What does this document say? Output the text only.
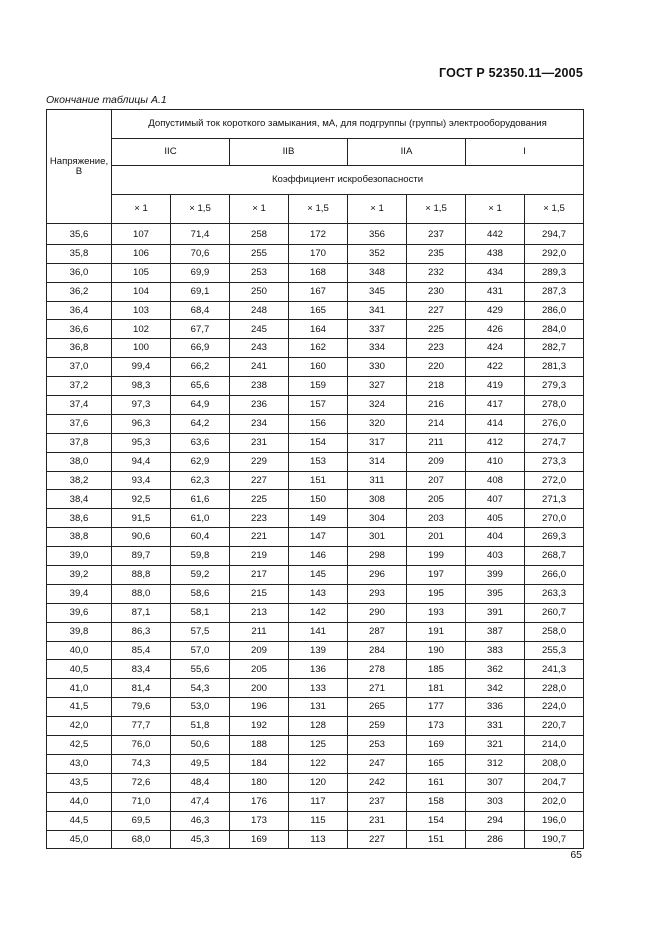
ГОСТ Р 52350.11—2005
Окончание таблицы А.1
Напряжение, В	Допустимый ток короткого замыкания, мА, для подгруппы (группы) электрооборудования							
	IIC		IIB		IIA		I	
	Коэффициент искробезопасности							
	× 1	× 1,5	× 1	× 1,5	× 1	× 1,5	× 1	× 1,5
35,6	107	71,4	258	172	356	237	442	294,7
35,8	106	70,6	255	170	352	235	438	292,0
36,0	105	69,9	253	168	348	232	434	289,3
36,2	104	69,1	250	167	345	230	431	287,3
36,4	103	68,4	248	165	341	227	429	286,0
36,6	102	67,7	245	164	337	225	426	284,0
36,8	100	66,9	243	162	334	223	424	282,7
37,0	99,4	66,2	241	160	330	220	422	281,3
37,2	98,3	65,6	238	159	327	218	419	279,3
37,4	97,3	64,9	236	157	324	216	417	278,0
37,6	96,3	64,2	234	156	320	214	414	276,0
37,8	95,3	63,6	231	154	317	211	412	274,7
38,0	94,4	62,9	229	153	314	209	410	273,3
38,2	93,4	62,3	227	151	311	207	408	272,0
38,4	92,5	61,6	225	150	308	205	407	271,3
38,6	91,5	61,0	223	149	304	203	405	270,0
38,8	90,6	60,4	221	147	301	201	404	269,3
39,0	89,7	59,8	219	146	298	199	403	268,7
39,2	88,8	59,2	217	145	296	197	399	266,0
39,4	88,0	58,6	215	143	293	195	395	263,3
39,6	87,1	58,1	213	142	290	193	391	260,7
39,8	86,3	57,5	211	141	287	191	387	258,0
40,0	85,4	57,0	209	139	284	190	383	255,3
40,5	83,4	55,6	205	136	278	185	362	241,3
41,0	81,4	54,3	200	133	271	181	342	228,0
41,5	79,6	53,0	196	131	265	177	336	224,0
42,0	77,7	51,8	192	128	259	173	331	220,7
42,5	76,0	50,6	188	125	253	169	321	214,0
43,0	74,3	49,5	184	122	247	165	312	208,0
43,5	72,6	48,4	180	120	242	161	307	204,7
44,0	71,0	47,4	176	117	237	158	303	202,0
44,5	69,5	46,3	173	115	231	154	294	196,0
45,0	68,0	45,3	169	113	227	151	286	190,7
65
